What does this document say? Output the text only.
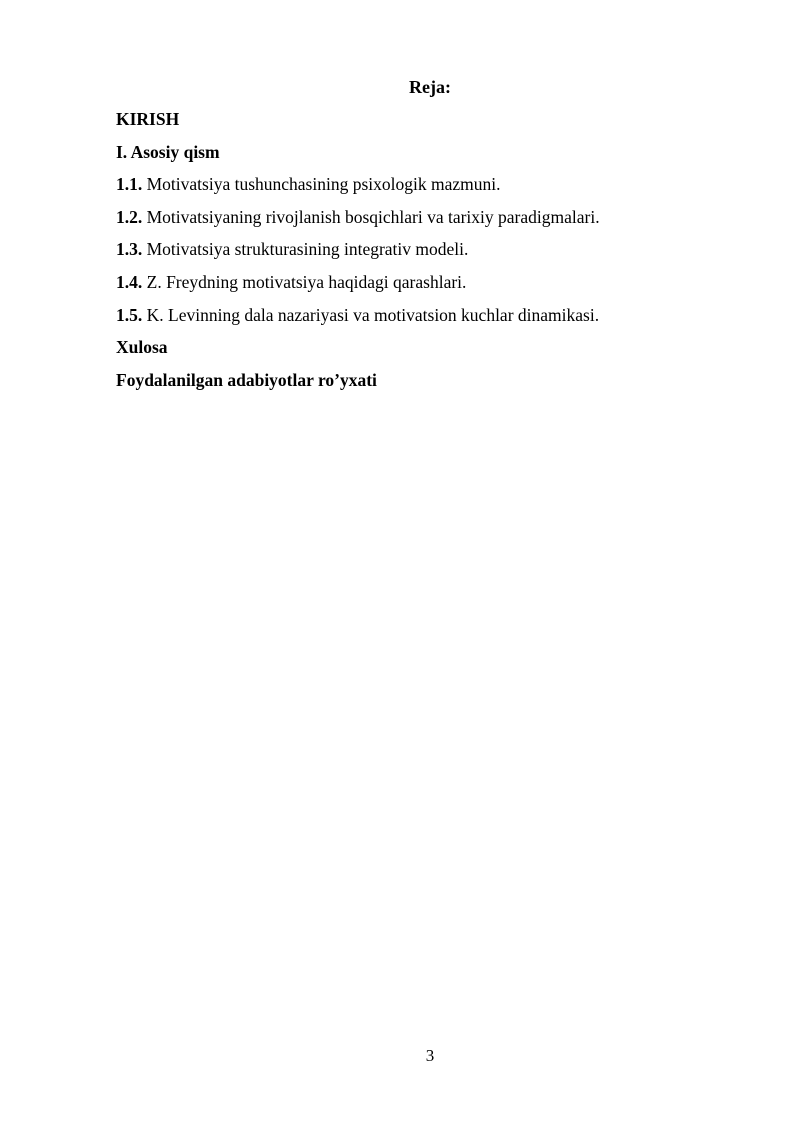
Reja:
KIRISH
I. Asosiy qism
1.1. Motivatsiya tushunchasining psixologik mazmuni.
1.2. Motivatsiyaning rivojlanish bosqichlari va tarixiy paradigmalari.
1.3. Motivatsiya strukturasining integrativ modeli.
1.4. Z. Freydning motivatsiya haqidagi qarashlari.
1.5. K. Levinning dala nazariyasi va motivatsion kuchlar dinamikasi.
Xulosa
Foydalanilgan adabiyotlar ro’yxati
3
